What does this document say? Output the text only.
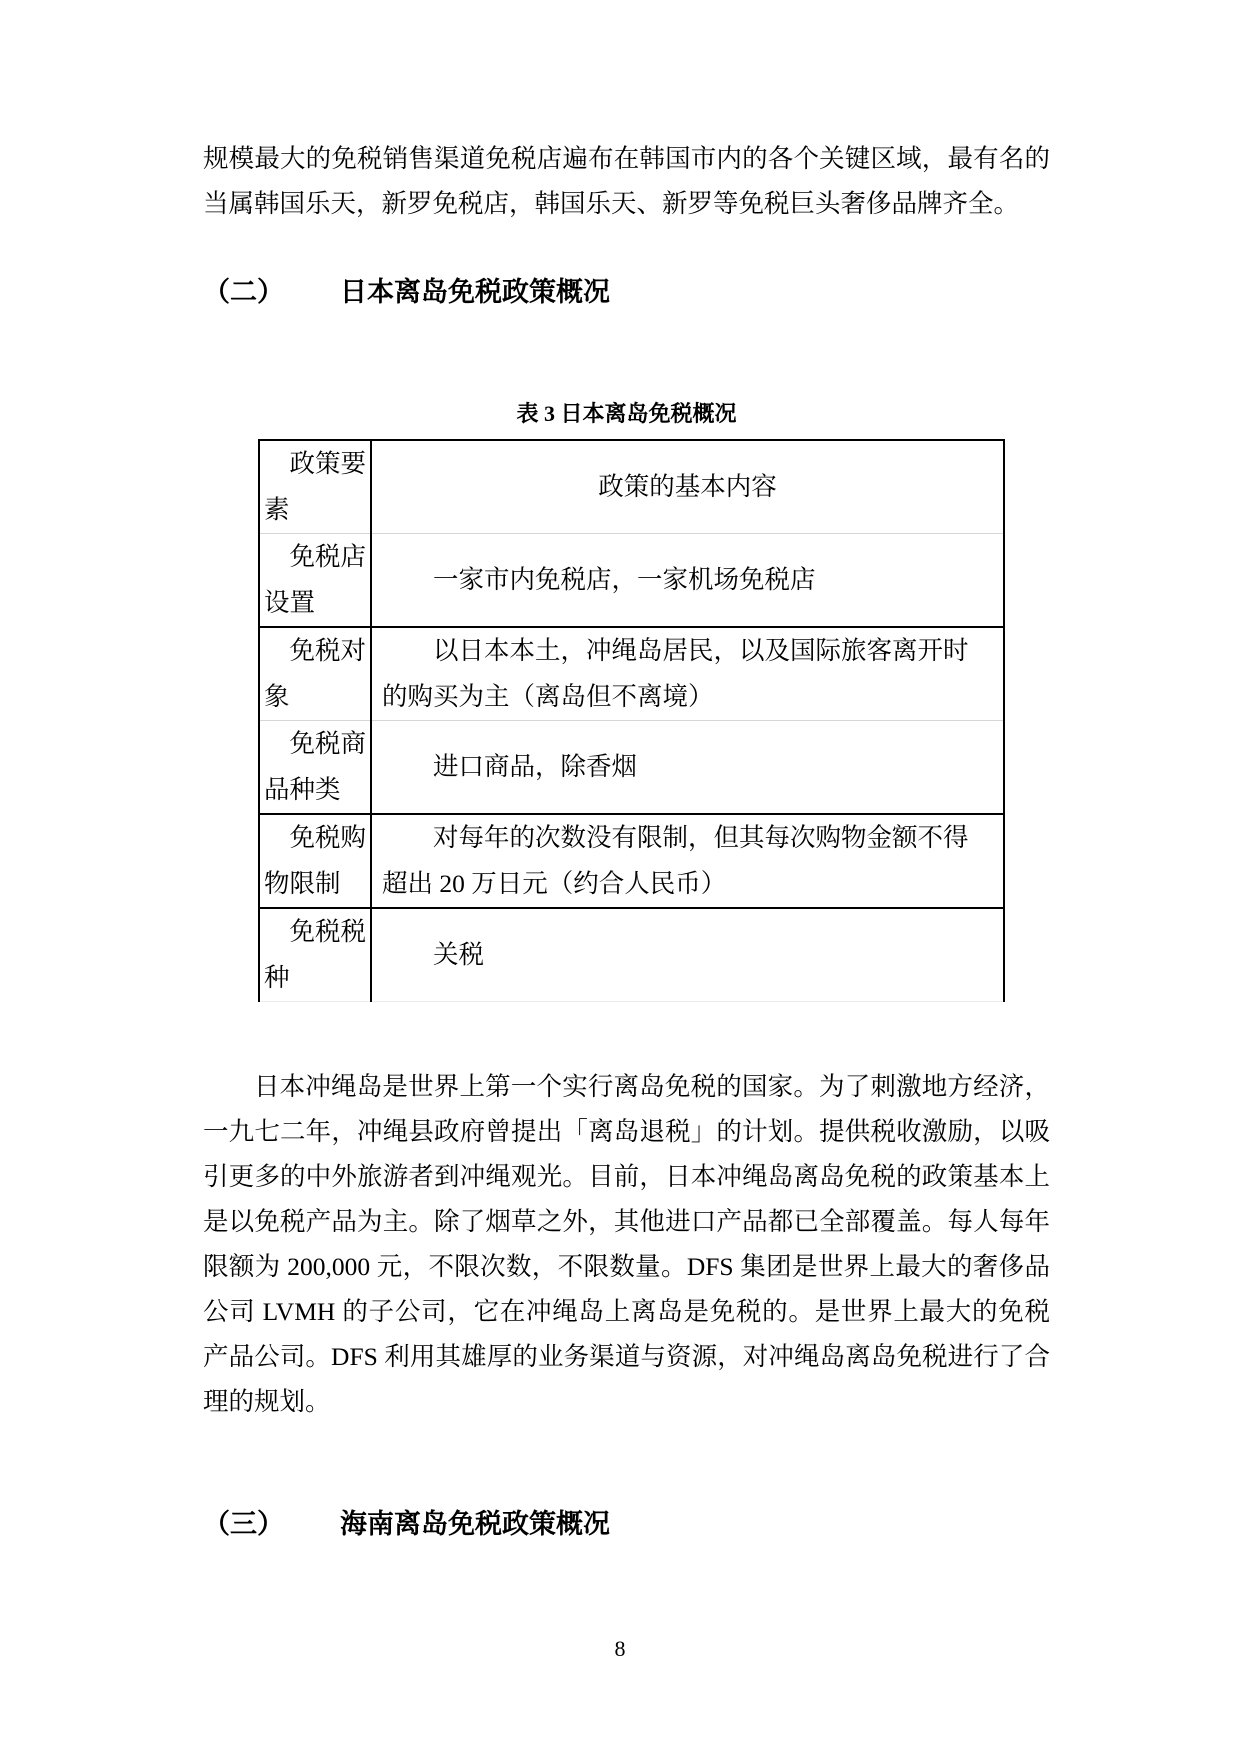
规模最大的免税销售渠道免税店遍布在韩国市内的各个关键区域，最有名的当属韩国乐天，新罗免税店，韩国乐天、新罗等免税巨头奢侈品牌齐全。

（二） 日本离岛免税政策概况
表 3 日本离岛免税概况
政策要素	政策的基本内容
免税店设置	一家市内免税店，一家机场免税店
免税对象	以日本本土，冲绳岛居民，以及国际旅客离开时的购买为主（离岛但不离境）
免税商品种类	进口商品，除香烟
免税购物限制	对每年的次数没有限制，但其每次购物金额不得超出 20 万日元（约合人民币）
免税税种	关税

日本冲绳岛是世界上第一个实行离岛免税的国家。为了刺激地方经济，一九七二年，冲绳县政府曾提出「离岛退税」的计划。提供税收激励，以吸引更多的中外旅游者到冲绳观光。目前，日本冲绳岛离岛免税的政策基本上是以免税产品为主。除了烟草之外，其他进口产品都已全部覆盖。每人每年限额为 200,000 元，不限次数，不限数量。DFS 集团是世界上最大的奢侈品公司 LVMH 的子公司，它在冲绳岛上离岛是免税的。是世界上最大的免税产品公司。DFS 利用其雄厚的业务渠道与资源，对冲绳岛离岛免税进行了合理的规划。

（三） 海南离岛免税政策概况
8
